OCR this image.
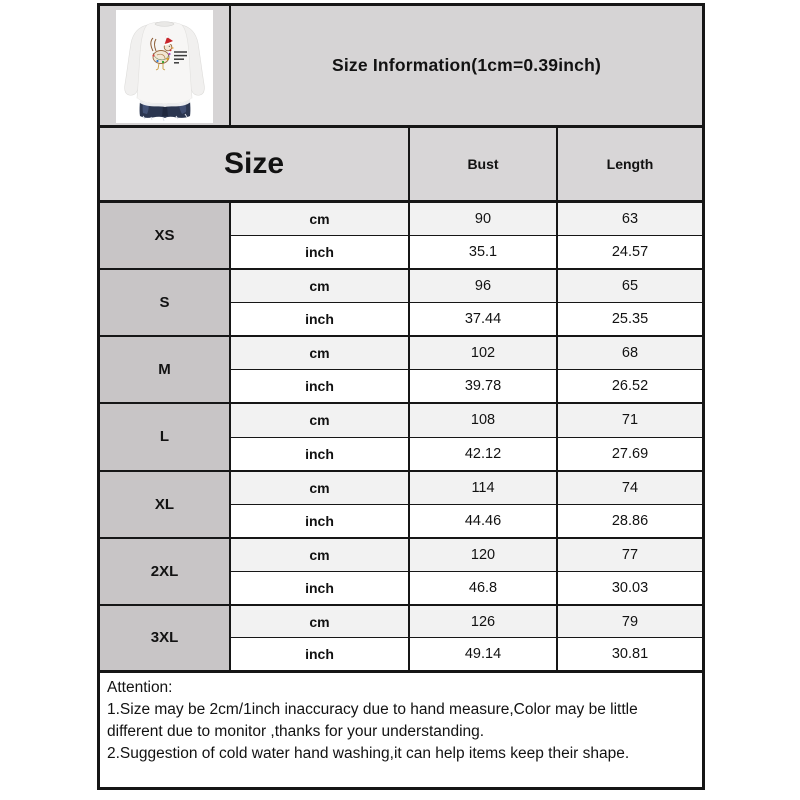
Size Information(1cm=0.39inch)
Size	Bust	Length
XS
cm	90	63
inch	35.1	24.57
S
cm	96	65
inch	37.44	25.35
M
cm	102	68
inch	39.78	26.52
L
cm	108	71
inch	42.12	27.69
XL
cm	114	74
inch	44.46	28.86
2XL
cm	120	77
inch	46.8	30.03
3XL
cm	126	79
inch	49.14	30.81
Attention:
1.Size may be 2cm/1inch inaccuracy due to hand measure,Color may be little different due to monitor ,thanks for your understanding.
2.Suggestion of cold water hand washing,it can help items keep their shape.
